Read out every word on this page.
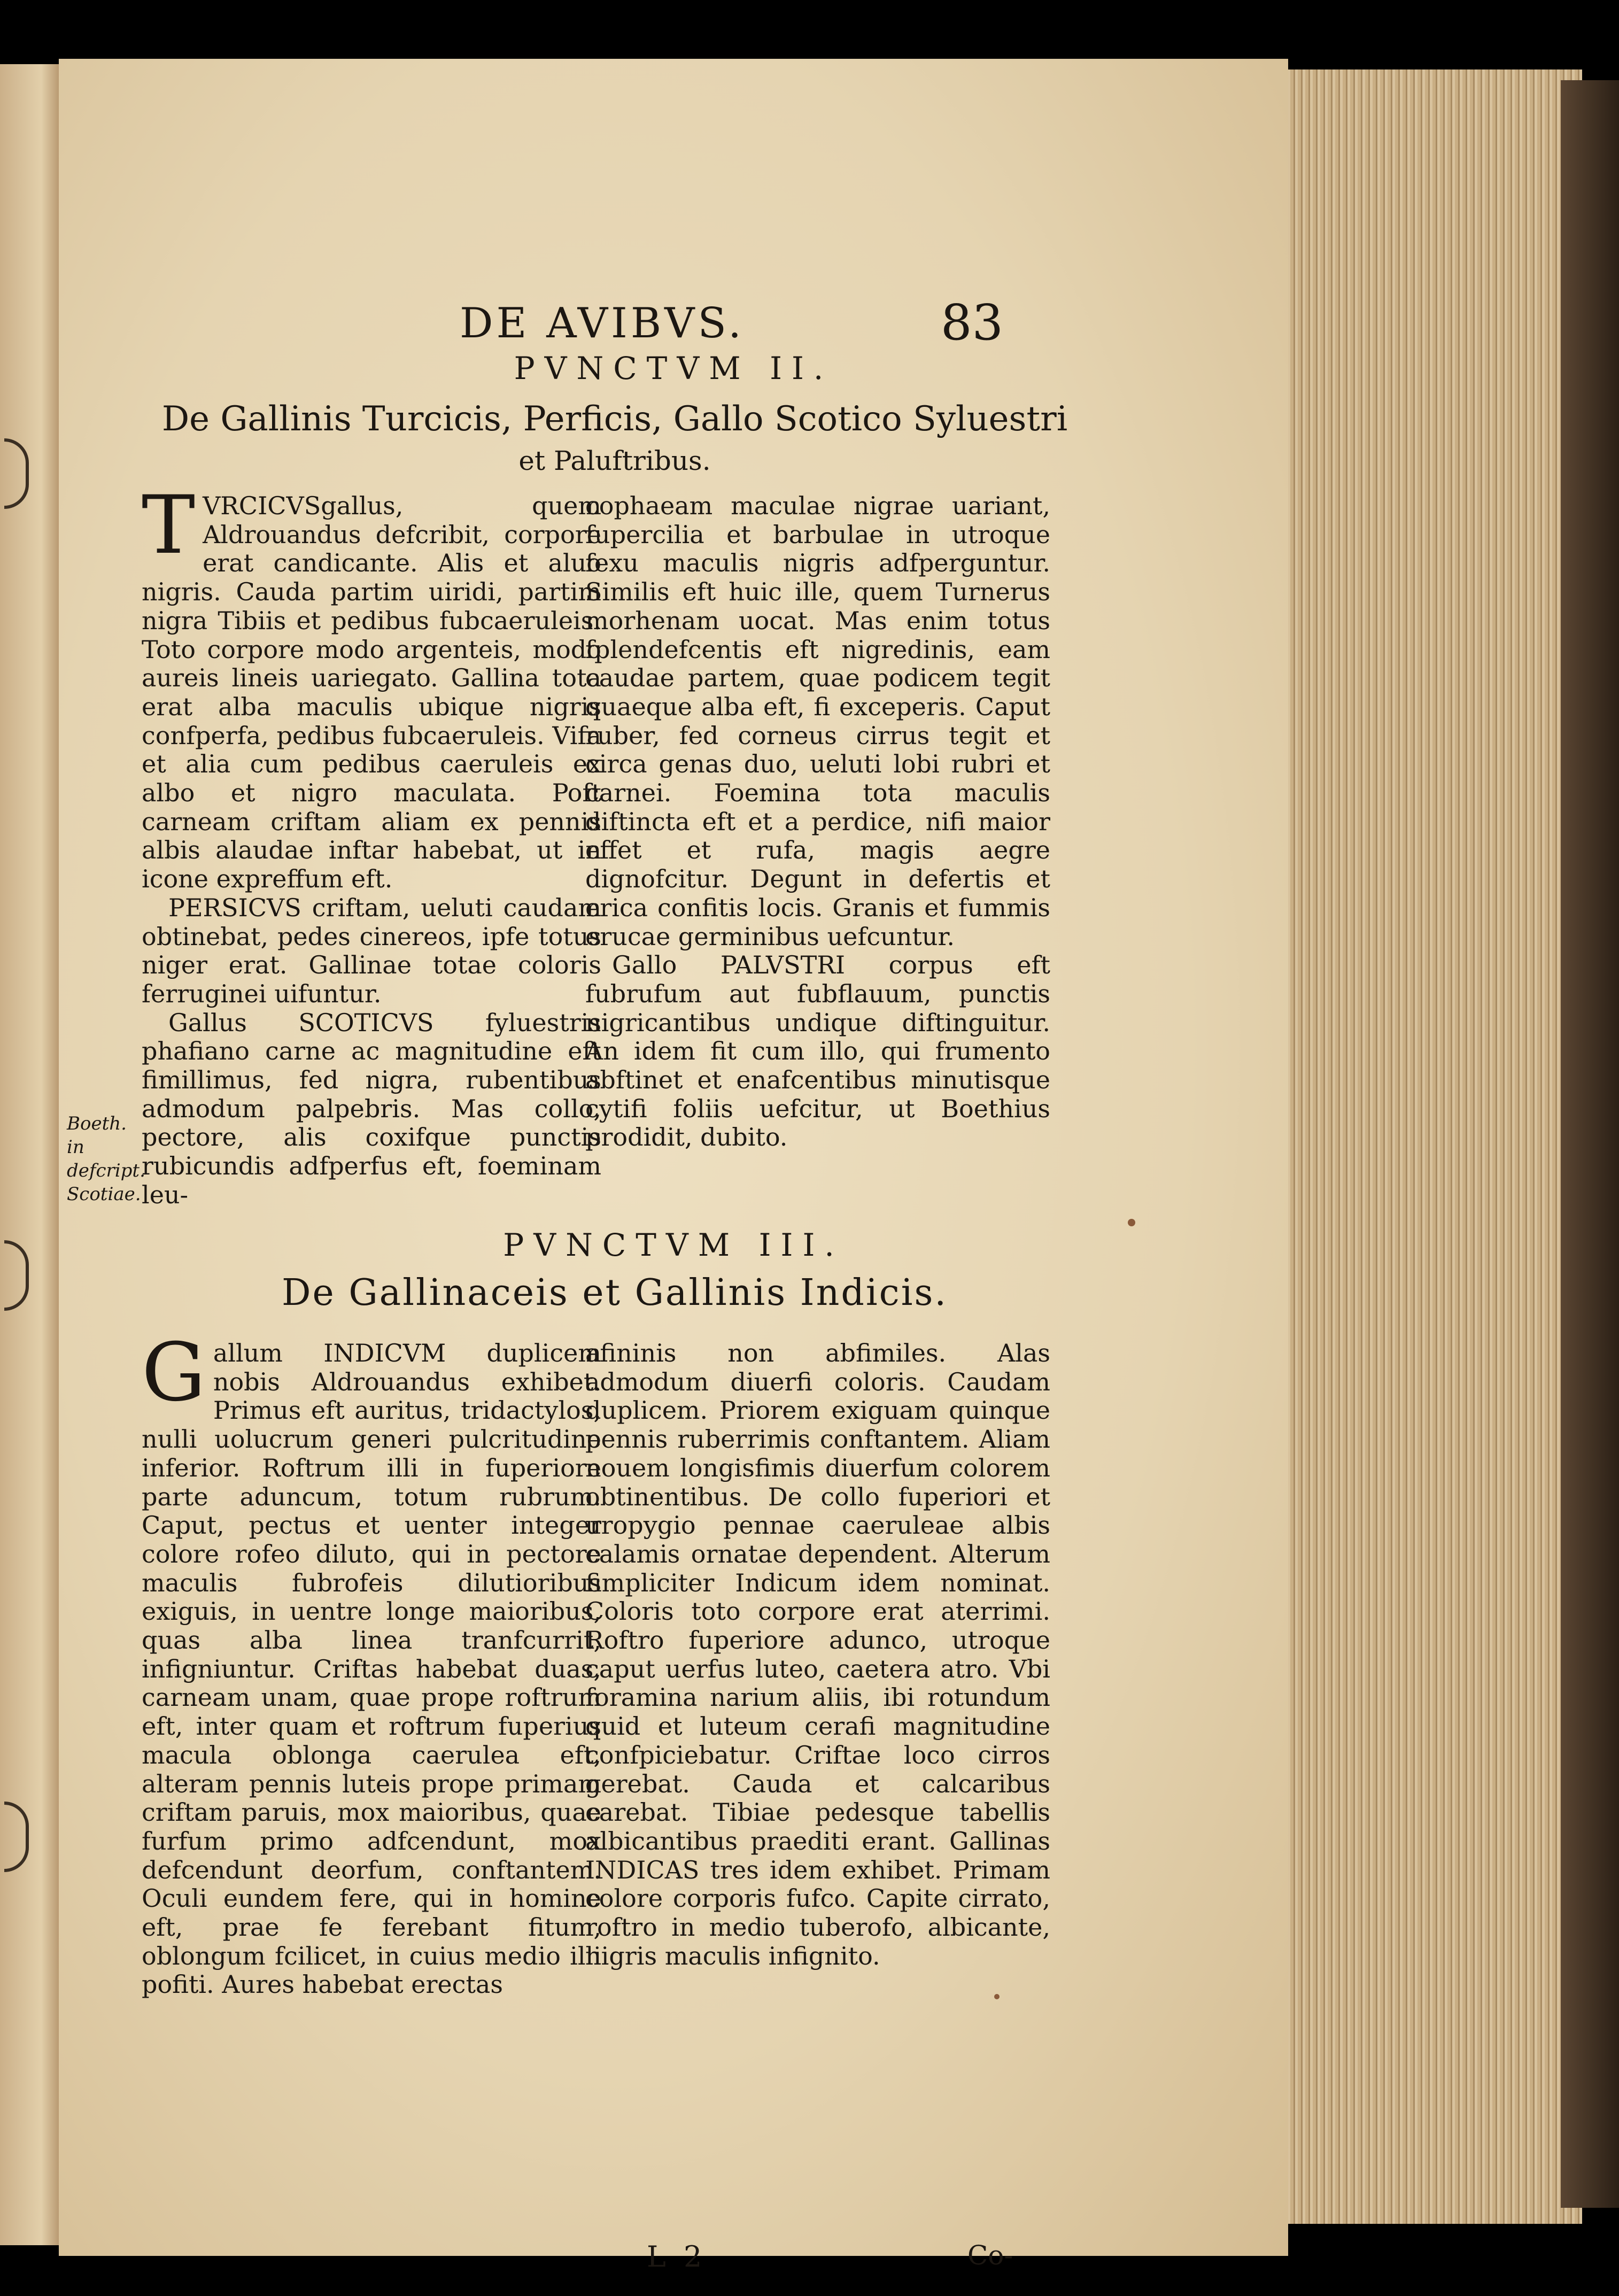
DE AVIBVS.	83
PVNCTVM II.
De Gallinis Turcicis, Perficis, Gallo Scotico Syluestri
et Paluftribus.

T VRCICVSgallus, quem Aldrouandus defcribit, corpore erat candicante. Alis et aluo nigris. Cauda partim uiridi, partim nigra Tibiis et pedibus fubcaeruleis. Toto corpore modo argenteis, modo aureis lineis uariegato. Gallina tota erat alba maculis ubique nigris confperfa, pedibus fubcaeruleis. Vifa et alia cum pedibus caeruleis ex albo et nigro maculata. Poft carneam criftam aliam ex pennis albis alaudae inftar habebat, ut in icone expreffum eft.

PERSICVS criftam, ueluti caudam obtinebat, pedes cinereos, ipfe totus niger erat. Gallinae totae coloris ferruginei uifuntur.

Gallus SCOTICVS fyluestris phafiano carne ac magnitudine eft fimillimus, fed nigra, rubentibus admodum palpebris. Mas collo, pectore, alis coxifque punctis rubicundis adfperfus eft, foeminam leu-

cophaeam maculae nigrae uariant, fupercilia et barbulae in utroque fexu maculis nigris adfperguntur. Similis eft huic ille, quem Turnerus morhenam uocat. Mas enim totus fplendefcentis eft nigredinis, eam caudae partem, quae podicem tegit quaeque alba eft, fi exceperis. Caput ruber, fed corneus cirrus tegit et circa genas duo, ueluti lobi rubri et carnei. Foemina tota maculis diftincta eft et a perdice, nifi maior effet et rufa, magis aegre dignofcitur. Degunt in defertis et erica confitis locis. Granis et fummis erucae germinibus uefcuntur.

Gallo PALVSTRI corpus eft fubrufum aut fubflauum, punctis nigricantibus undique diftinguitur. An idem fit cum illo, qui frumento abftinet et enafcentibus minutisque cytifi foliis uefcitur, ut Boethius prodidit, dubito.

Boeth. in defcript. Scotiae.
PVNCTVM III.
De Gallinaceis et Gallinis Indicis.

Gallum INDICVM duplicem nobis Aldrouandus exhibet. Primus eft auritus, tridactylos, nulli uolucrum generi pulcritudine inferior. Roftrum illi in fuperiore parte aduncum, totum rubrum. Caput, pectus et uenter integer colore rofeo diluto, qui in pectore maculis fubrofeis dilutioribus exiguis, in uentre longe maioribus, quas alba linea tranfcurrit, infigniuntur. Criftas habebat duas, carneam unam, quae prope roftrum eft, inter quam et roftrum fuperius macula oblonga caerulea eft, alteram pennis luteis prope primam criftam paruis, mox maioribus, quae furfum primo adfcendunt, mox defcendunt deorfum, conftantem. Oculi eundem fere, qui in homine eft, prae fe ferebant fitum, oblongum fcilicet, in cuius medio illi pofiti. Aures habebat erectas

afininis non abfimiles. Alas admodum diuerfi coloris. Caudam duplicem. Priorem exiguam quinque pennis ruberrimis conftantem. Aliam nouem longisfimis diuerfum colorem obtinentibus. De collo fuperiori et uropygio pennae caeruleae albis calamis ornatae dependent. Alterum fimpliciter Indicum idem nominat. Coloris toto corpore erat aterrimi. Roftro fuperiore adunco, utroque caput uerfus luteo, caetera atro. Vbi foramina narium aliis, ibi rotundum quid et luteum cerafi magnitudine confpiciebatur. Criftae loco cirros gerebat. Cauda et calcaribus carebat. Tibiae pedesque tabellis albicantibus praediti erant. Gallinas INDICAS tres idem exhibet. Primam colore corporis fufco. Capite cirrato, roftro in medio tuberofo, albicante, nigris maculis infignito.

L 2	Co-
